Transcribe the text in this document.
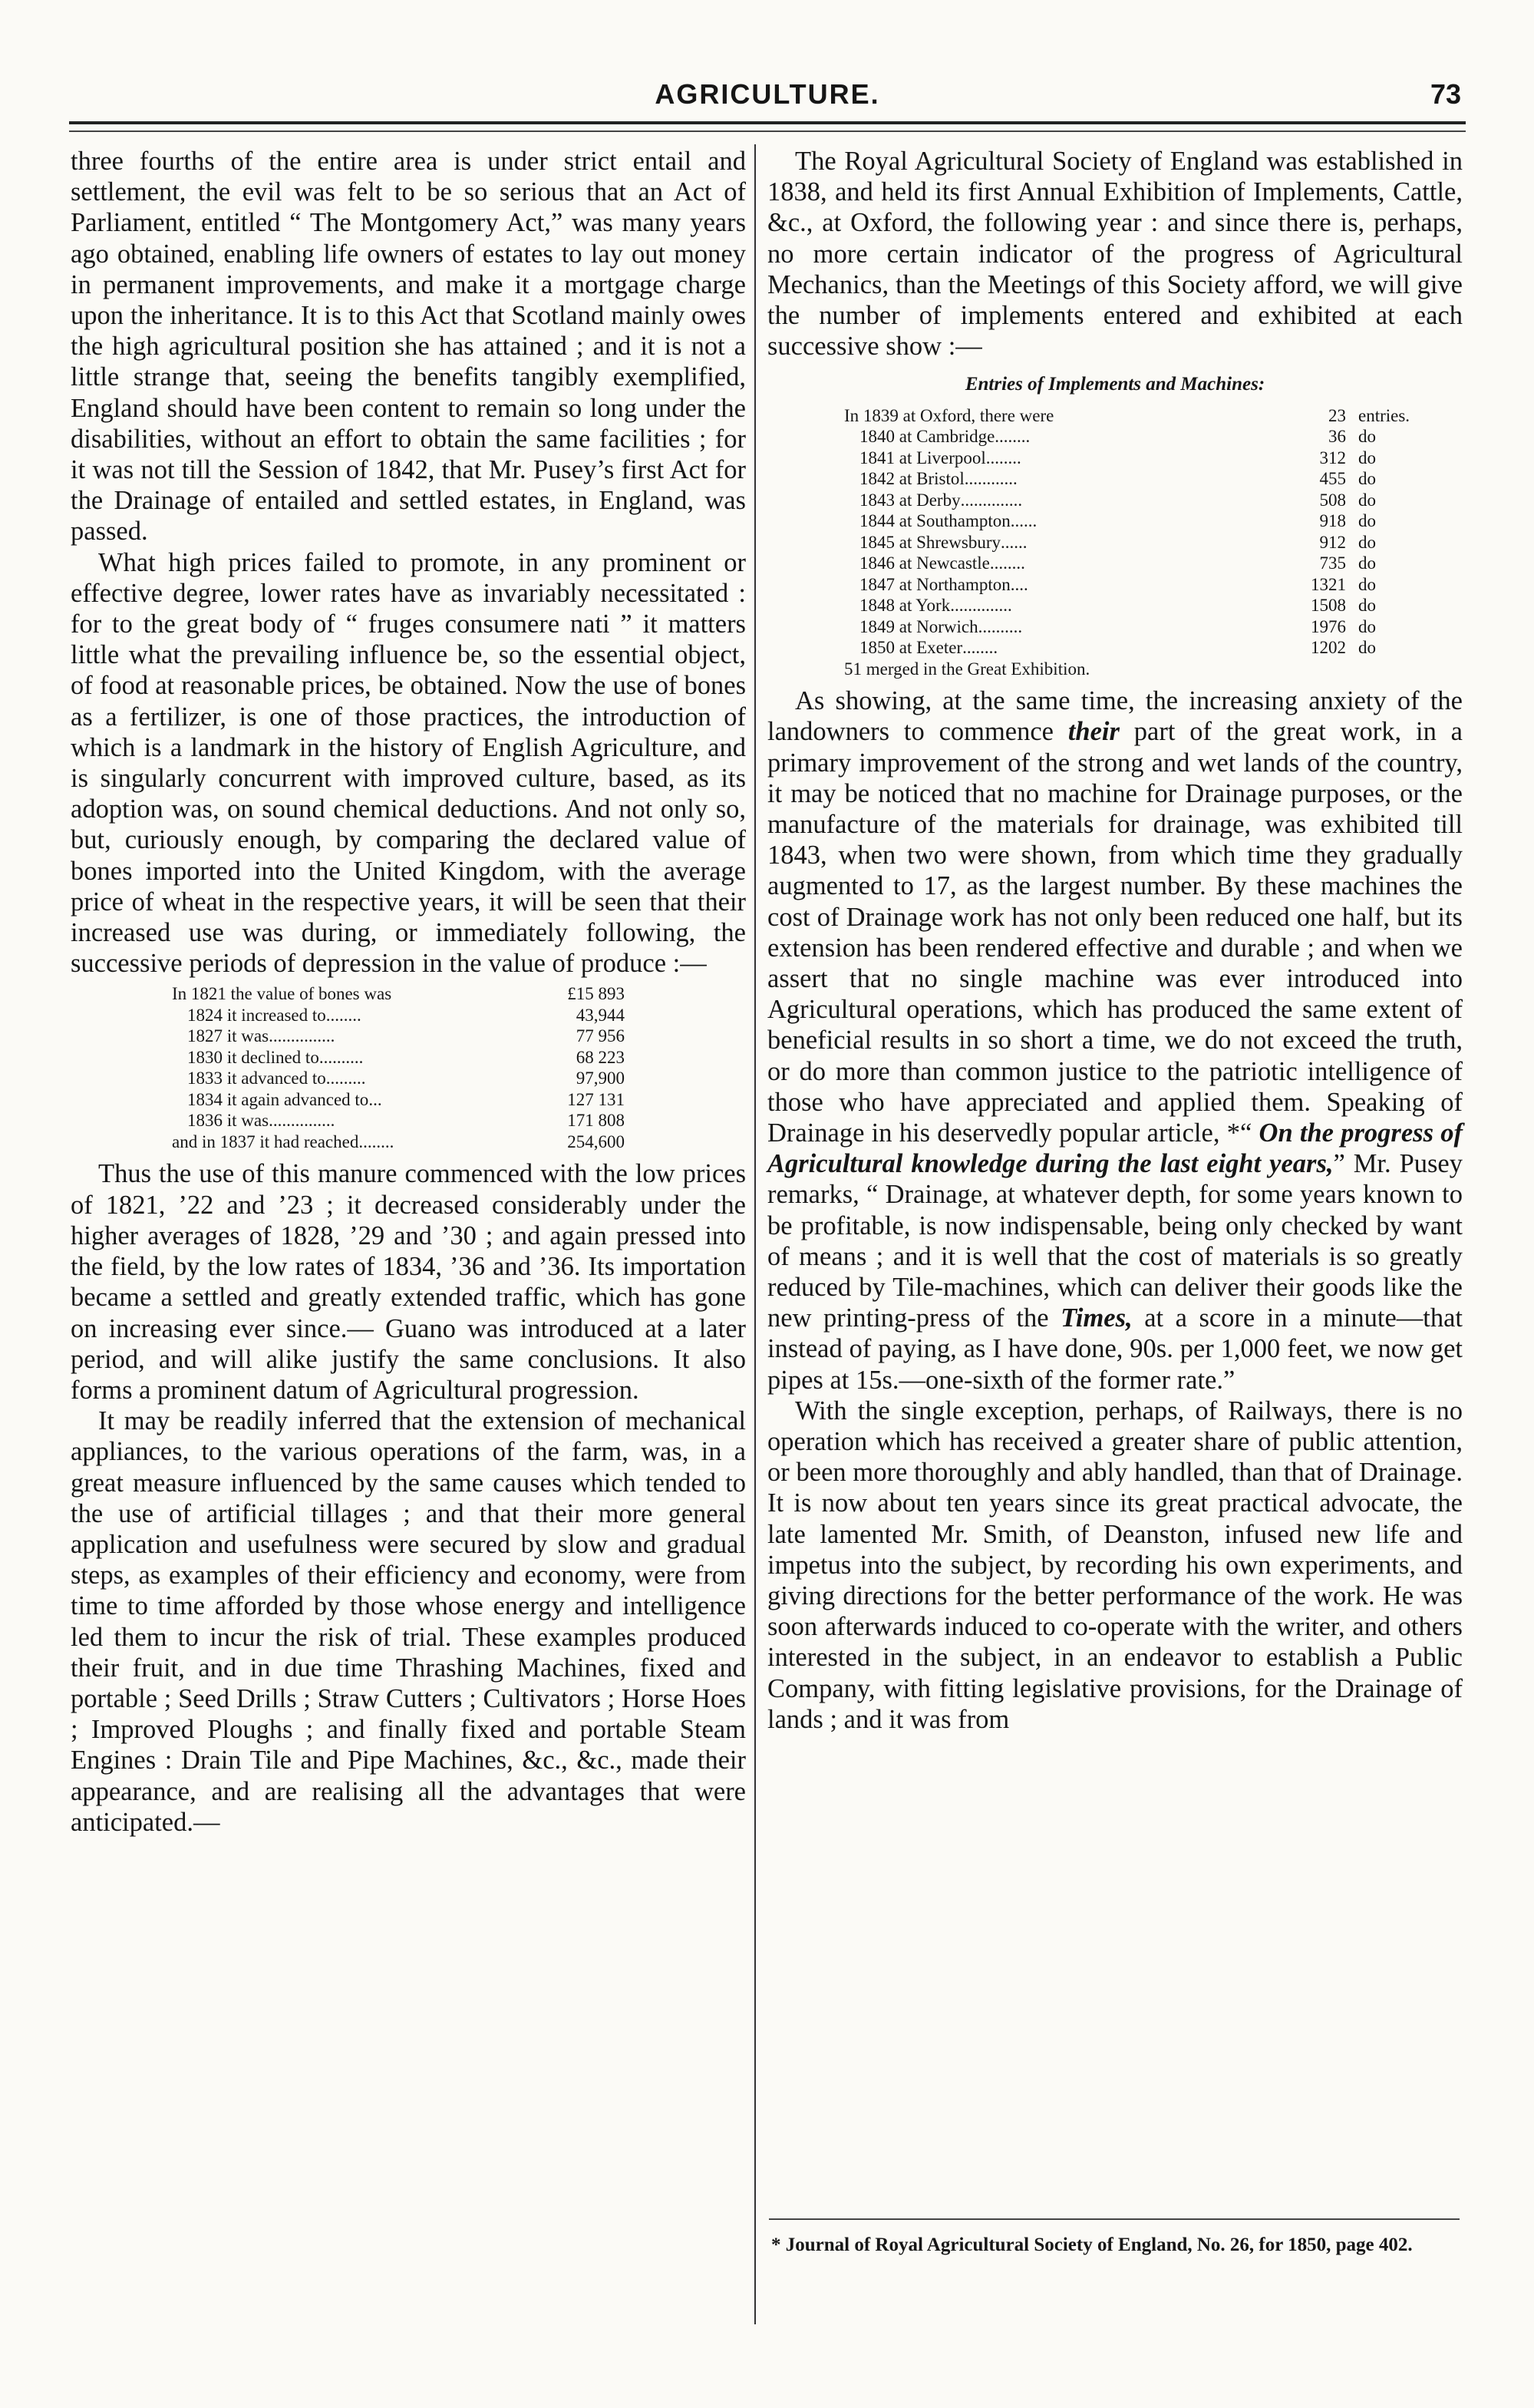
AGRICULTURE.	73

three fourths of the entire area is under strict entail and settlement, the evil was felt to be so serious that an Act of Parliament, entitled “ The Montgomery Act,” was many years ago obtained, enabling life owners of estates to lay out money in permanent improvements, and make it a mortgage charge upon the inheritance. It is to this Act that Scotland mainly owes the high agricultural position she has attained ; and it is not a little strange that, seeing the benefits tangibly exemplified, England should have been content to remain so long under the disabilities, without an effort to obtain the same facilities ; for it was not till the Session of 1842, that Mr. Pusey’s first Act for the Drainage of entailed and settled estates, in England, was passed.

What high prices failed to promote, in any prominent or effective degree, lower rates have as invariably necessitated : for to the great body of “ fruges consumere nati ” it matters little what the prevailing influence be, so the essential object, of food at reasonable prices, be obtained. Now the use of bones as a fertilizer, is one of those practices, the introduction of which is a landmark in the history of English Agriculture, and is singularly concurrent with improved culture, based, as its adoption was, on sound chemical deductions. And not only so, but, curiously enough, by comparing the declared value of bones imported into the United Kingdom, with the average price of wheat in the respective years, it will be seen that their increased use was during, or immediately following, the successive periods of depression in the value of produce :—

In 1821 the value of bones was	£15 893
1824 it increased to ........	43,944
1827 it was ...............	77 956
1830 it declined to ..........	68 223
1833 it advanced to .........	97,900
1834 it again advanced to ...	127 131
1836 it was ...............	171 808
and in 1837 it had reached ........	254,600

Thus the use of this manure commenced with the low prices of 1821, ’22 and ’23 ; it decreased considerably under the higher averages of 1828, ’29 and ’30 ; and again pressed into the field, by the low rates of 1834, ’36 and ’36. Its importation became a settled and greatly extended traffic, which has gone on increasing ever since.— Guano was introduced at a later period, and will alike justify the same conclusions. It also forms a prominent datum of Agricultural progression.

It may be readily inferred that the extension of mechanical appliances, to the various operations of the farm, was, in a great measure influenced by the same causes which tended to the use of artificial tillages ; and that their more general application and usefulness were secured by slow and gradual steps, as examples of their efficiency and economy, were from time to time afforded by those whose energy and intelligence led them to incur the risk of trial. These examples produced their fruit, and in due time Thrashing Machines, fixed and portable ; Seed Drills ; Straw Cutters ; Cultivators ; Horse Hoes ; Improved Ploughs ; and finally fixed and portable Steam Engines : Drain Tile and Pipe Machines, &c., &c., made their appearance, and are realising all the advantages that were anticipated.—

The Royal Agricultural Society of England was established in 1838, and held its first Annual Exhibition of Implements, Cattle, &c., at Oxford, the following year : and since there is, perhaps, no more certain indicator of the progress of Agricultural Mechanics, than the Meetings of this Society afford, we will give the number of implements entered and exhibited at each successive show :—

Entries of Implements and Machines:
In 1839 at Oxford, there were	23 entries.
1840 at Cambridge ........	36 do
1841 at Liverpool ........	312 do
1842 at Bristol ............	455 do
1843 at Derby ..............	508 do
1844 at Southampton ......	918 do
1845 at Shrewsbury ......	912 do
1846 at Newcastle ........	735 do
1847 at Northampton ....	1321 do
1848 at York ..............	1508 do
1849 at Norwich ..........	1976 do
1850 at Exeter ........	1202 do
51 merged in the Great Exhibition.

As showing, at the same time, the increasing anxiety of the landowners to commence their part of the great work, in a primary improvement of the strong and wet lands of the country, it may be noticed that no machine for Drainage purposes, or the manufacture of the materials for drainage, was exhibited till 1843, when two were shown, from which time they gradually augmented to 17, as the largest number. By these machines the cost of Drainage work has not only been reduced one half, but its extension has been rendered effective and durable ; and when we assert that no single machine was ever introduced into Agricultural operations, which has produced the same extent of beneficial results in so short a time, we do not exceed the truth, or do more than common justice to the patriotic intelligence of those who have appreciated and applied them. Speaking of Drainage in his deservedly popular article, *“ On the progress of Agricultural knowledge during the last eight years,” Mr. Pusey remarks, “ Drainage, at whatever depth, for some years known to be profitable, is now indispensable, being only checked by want of means ; and it is well that the cost of materials is so greatly reduced by Tile-machines, which can deliver their goods like the new printing-press of the Times, at a score in a minute—that instead of paying, as I have done, 90s. per 1,000 feet, we now get pipes at 15s.—one-sixth of the former rate.”

With the single exception, perhaps, of Railways, there is no operation which has received a greater share of public attention, or been more thoroughly and ably handled, than that of Drainage. It is now about ten years since its great practical advocate, the late lamented Mr. Smith, of Deanston, infused new life and impetus into the subject, by recording his own experiments, and giving directions for the better performance of the work. He was soon afterwards induced to co-operate with the writer, and others interested in the subject, in an endeavor to establish a Public Company, with fitting legislative provisions, for the Drainage of lands ; and it was from

* Journal of Royal Agricultural Society of England, No. 26, for 1850, page 402.
